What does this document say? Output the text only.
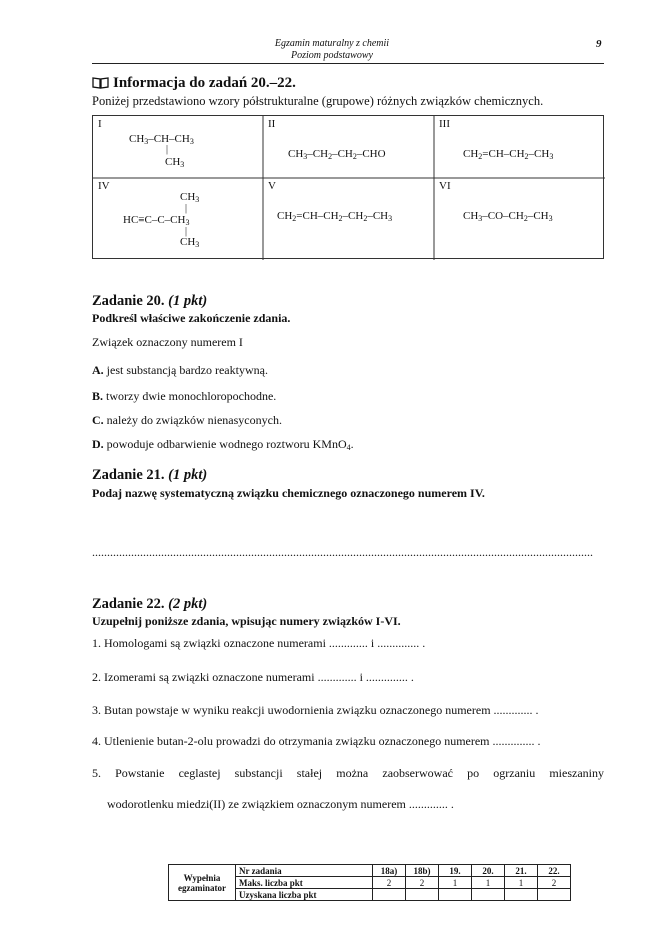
Egzamin maturalny z chemii
Poziom podstawowy
9
Informacja do zadań 20.–22.
Poniżej przedstawiono wzory półstrukturalne (grupowe) różnych związków chemicznych.
I
$CH_3-CH-CH_3$
|
$CH_3$
II
$CH_3-CH_2-CH_2$–CHO
III
$CH_2=CH-CH_2-CH_3$
IV
$CH_3$
|
$HC\equiv C-C-CH_3$
|
$CH_3$
V
$CH_2=CH-CH_2-CH_2-CH_3$
VI
$CH_3-CO-CH_2-CH_3$
Zadanie 20. (1 pkt)
Podkreśl właściwe zakończenie zdania.
Związek oznaczony numerem I
A. jest substancją bardzo reaktywną.
B. tworzy dwie monochloropochodne.
C. należy do związków nienasyconych.
D. powoduje odbarwienie wodnego roztworu KMnO$_4$.
Zadanie 21. (1 pkt)
Podaj nazwę systematyczną związku chemicznego oznaczonego numerem IV.
.......................................................................................................................................................................
Zadanie 22. (2 pkt)
Uzupełnij poniższe zdania, wpisując numery związków I-VI.
1. Homologami są związki oznaczone numerami ............. i .............. .
2. Izomerami są związki oznaczone numerami ............. i .............. .
3. Butan powstaje w wyniku reakcji uwodornienia związku oznaczonego numerem ............. .
4. Utlenienie butan-2-olu prowadzi do otrzymania związku oznaczonego numerem .............. .
5. Powstanie ceglastej substancji stałej można zaobserwować po ogrzaniu mieszaniny
wodorotlenku miedzi(II) ze związkiem oznaczonym numerem ............. .
Wypełnia egzaminator	Nr zadania	18a)	18b)	19.	20.	21.	22.
	Maks. liczba pkt	2	2	1	1	1	2
	Uzyskana liczba pkt						
